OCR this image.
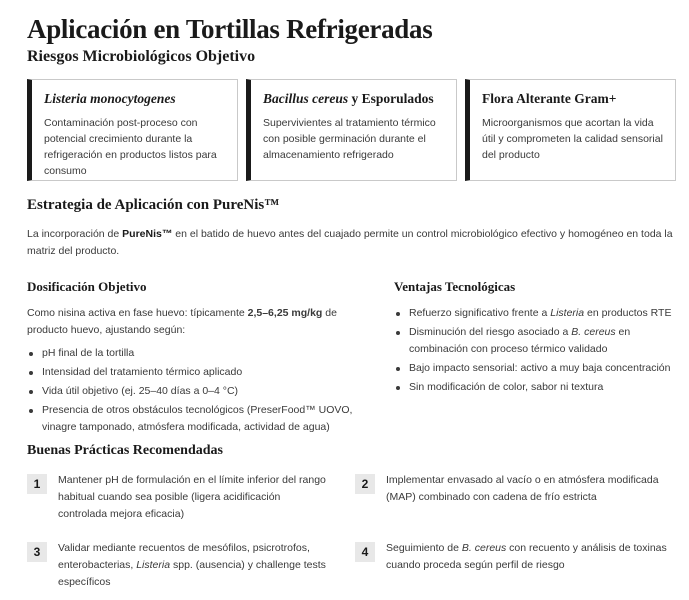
Aplicación en Tortillas Refrigeradas
Riesgos Microbiológicos Objetivo
Listeria monocytogenes
Contaminación post-proceso con potencial crecimiento durante la refrigeración en productos listos para consumo
Bacillus cereus y Esporulados
Supervivientes al tratamiento térmico con posible germinación durante el almacenamiento refrigerado
Flora Alterante Gram+
Microorganismos que acortan la vida útil y comprometen la calidad sensorial del producto
Estrategia de Aplicación con PureNis™

La incorporación de PureNis™ en el batido de huevo antes del cuajado permite un control microbiológico efectivo y homogéneo en toda la matriz del producto.

Dosificación Objetivo

Como nisina activa en fase huevo: típicamente 2,5–6,25 mg/kg de producto huevo, ajustando según:

pH final de la tortilla
Intensidad del tratamiento térmico aplicado
Vida útil objetivo (ej. 25–40 días a 0–4 °C)
Presencia de otros obstáculos tecnológicos (PreserFood™ UOVO, vinagre tamponado, atmósfera modificada, actividad de agua)
Ventajas Tecnológicas
Refuerzo significativo frente a Listeria en productos RTE
Disminución del riesgo asociado a B. cereus en combinación con proceso térmico validado
Bajo impacto sensorial: activo a muy baja concentración
Sin modificación de color, sabor ni textura
Buenas Prácticas Recomendadas
1	Mantener pH de formulación en el límite inferior del rango habitual cuando sea posible (ligera acidificación controlada mejora eficacia)
2	Implementar envasado al vacío o en atmósfera modificada (MAP) combinado con cadena de frío estricta
3	Validar mediante recuentos de mesófilos, psicrotrofos, enterobacterias, Listeria spp. (ausencia) y challenge tests específicos
4	Seguimiento de B. cereus con recuento y análisis de toxinas cuando proceda según perfil de riesgo
